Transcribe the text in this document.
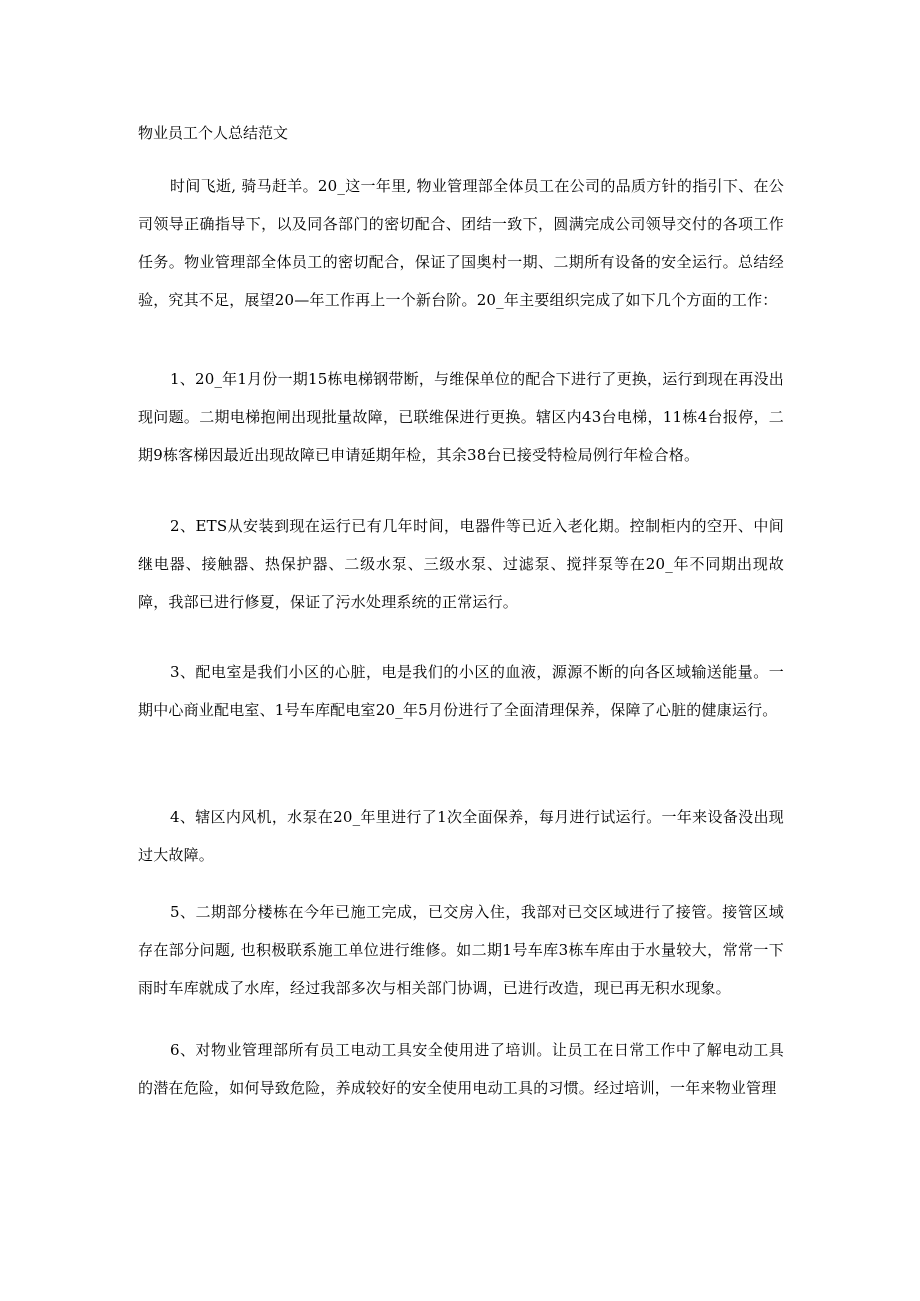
物业员工个人总结范文

时间飞逝, 骑马赶羊。20_这一年里, 物业管理部全体员工在公司的品质方针的指引下、在公司领导正确指导下，以及同各部门的密切配合、团结一致下，圆满完成公司领导交付的各项工作任务。物业管理部全体员工的密切配合，保证了国奥村一期、二期所有设备的安全运行。总结经验，究其不足，展望20—年工作再上一个新台阶。20_年主要组织完成了如下几个方面的工作：

1、20_年1月份一期15栋电梯钢带断，与维保单位的配合下进行了更换，运行到现在再没出现问题。二期电梯抱闸出现批量故障，已联维保进行更换。辖区内43台电梯，11栋4台报停，二期9栋客梯因最近出现故障已申请延期年检，其余38台已接受特检局例行年检合格。

2、ETS从安装到现在运行已有几年时间，电器件等已近入老化期。控制柜内的空开、中间继电器、接触器、热保护器、二级水泵、三级水泵、过滤泵、搅拌泵等在20_年不同期出现故障，我部已进行修夏，保证了污水处理系统的正常运行。

3、配电室是我们小区的心脏，电是我们的小区的血液，源源不断的向各区域输送能量。一期中心商业配电室、1号车库配电室20_年5月份进行了全面清理保养，保障了心脏的健康运行。

4、辖区内风机，水泵在20_年里进行了1次全面保养，每月进行试运行。一年来设备没出现过大故障。

5、二期部分楼栋在今年已施工完成，已交房入住，我部对已交区域进行了接管。接管区域存在部分问题, 也积极联系施工单位进行维修。如二期1号车库3栋车库由于水量较大，常常一下雨时车库就成了水库，经过我部多次与相关部门协调，已进行改造，现已再无积水现象。

6、对物业管理部所有员工电动工具安全使用进了培训。让员工在日常工作中了解电动工具的潜在危险，如何导致危险，养成较好的安全使用电动工具的习惯。经过培训，一年来物业管理
